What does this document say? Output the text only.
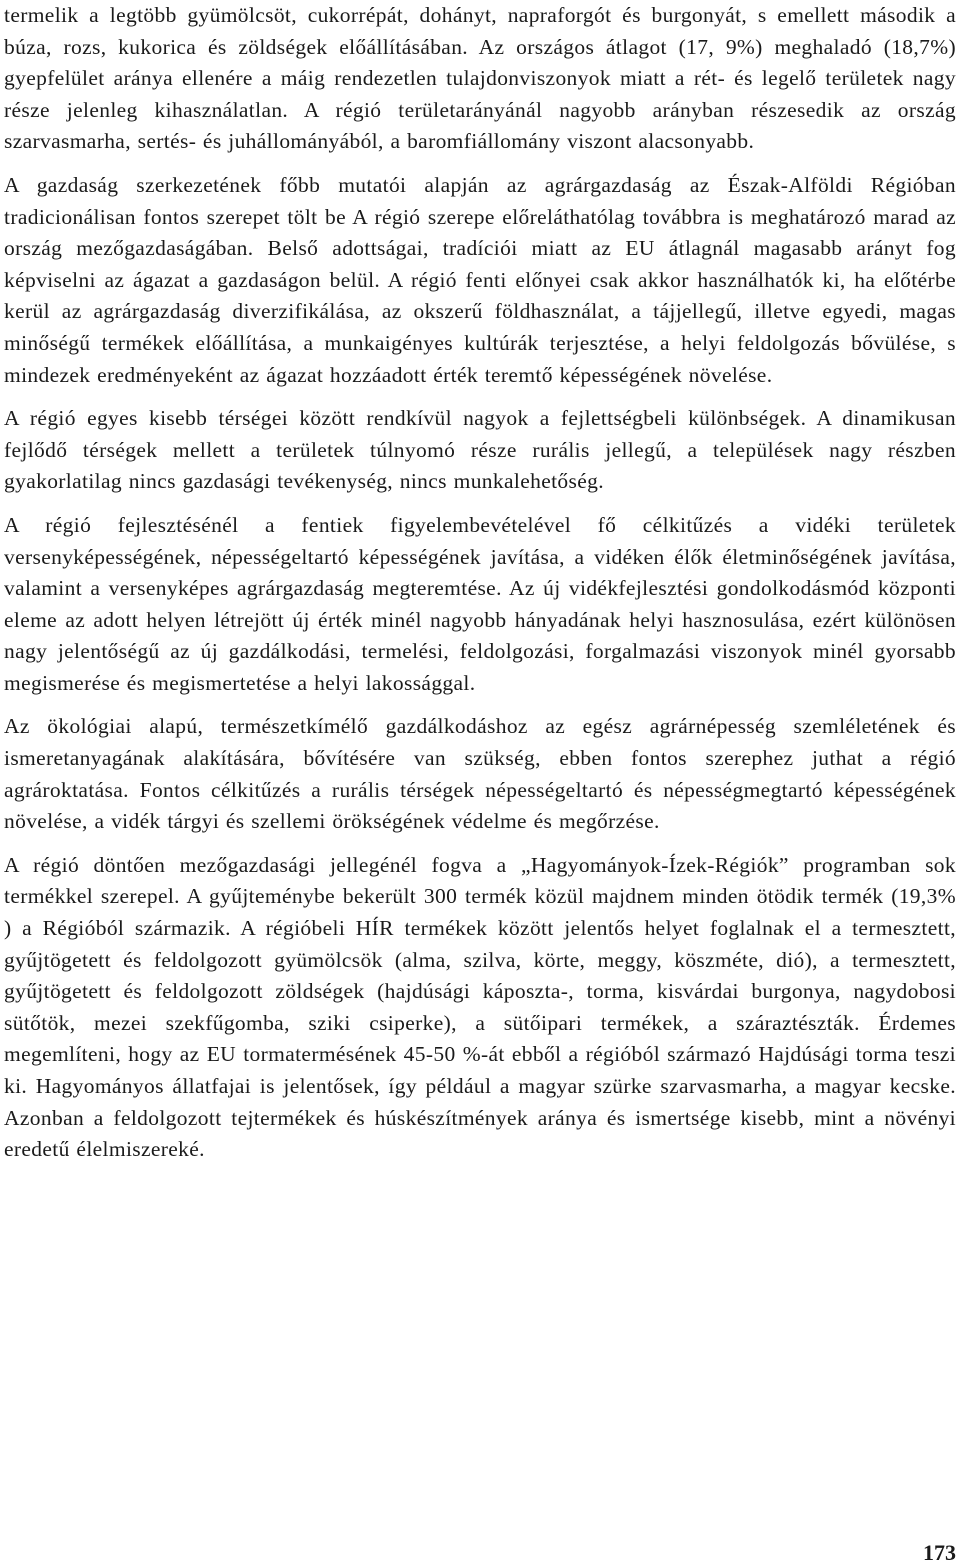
termelik a legtöbb gyümölcsöt, cukorrépát, dohányt, napraforgót és burgonyát, s emellett második a búza, rozs, kukorica és zöldségek előállításában. Az országos átlagot (17, 9%) meghaladó (18,7%) gyepfelület aránya ellenére a máig rendezetlen tulajdonviszonyok miatt a rét- és legelő területek nagy része jelenleg kihasználatlan. A régió területarányánál nagyobb arányban részesedik az ország szarvasmarha, sertés- és juhállományából, a baromfiállomány viszont alacsonyabb.

A gazdaság szerkezetének főbb mutatói alapján az agrárgazdaság az Észak-Alföldi Régióban tradicionálisan fontos szerepet tölt be A régió szerepe előreláthatólag továbbra is meghatározó marad az ország mezőgazdaságában. Belső adottságai, tradíciói miatt az EU átlagnál magasabb arányt fog képviselni az ágazat a gazdaságon belül. A régió fenti előnyei csak akkor használhatók ki, ha előtérbe kerül az agrárgazdaság diverzifikálása, az okszerű földhasználat, a tájjellegű, illetve egyedi, magas minőségű termékek előállítása, a munkaigényes kultúrák terjesztése, a helyi feldolgozás bővülése, s mindezek eredményeként az ágazat hozzáadott érték teremtő képességének növelése.

A régió egyes kisebb térségei között rendkívül nagyok a fejlettségbeli különbségek. A dinamikusan fejlődő térségek mellett a területek túlnyomó része rurális jellegű, a települések nagy részben gyakorlatilag nincs gazdasági tevékenység, nincs munkalehetőség.

A régió fejlesztésénél a fentiek figyelembevételével fő célkitűzés a vidéki területek versenyképességének, népességeltartó képességének javítása, a vidéken élők életminőségének javítása, valamint a versenyképes agrárgazdaság megteremtése. Az új vidékfejlesztési gondolkodásmód központi eleme az adott helyen létrejött új érték minél nagyobb hányadának helyi hasznosulása, ezért különösen nagy jelentőségű az új gazdálkodási, termelési, feldolgozási, forgalmazási viszonyok minél gyorsabb megismerése és megismertetése a helyi lakossággal.

Az ökológiai alapú, természetkímélő gazdálkodáshoz az egész agrárnépesség szemléletének és ismeretanyagának alakítására, bővítésére van szükség, ebben fontos szerephez juthat a régió agrároktatása. Fontos célkitűzés a rurális térségek népességeltartó és népességmegtartó képességének növelése, a vidék tárgyi és szellemi örökségének védelme és megőrzése.

A régió döntően mezőgazdasági jellegénél fogva a „Hagyományok-Ízek-Régiók” programban sok termékkel szerepel. A gyűjteménybe bekerült 300 termék közül majdnem minden ötödik termék (19,3% ) a Régióból származik. A régióbeli HÍR termékek között jelentős helyet foglalnak el a termesztett, gyűjtögetett és feldolgozott gyümölcsök (alma, szilva, körte, meggy, köszméte, dió), a termesztett, gyűjtögetett és feldolgozott zöldségek (hajdúsági káposzta-, torma, kisvárdai burgonya, nagydobosi sütőtök, mezei szekfűgomba, sziki csiperke), a sütőipari termékek, a száraztészták. Érdemes megemlíteni, hogy az EU tormatermésének 45-50 %-át ebből a régióból származó Hajdúsági torma teszi ki. Hagyományos állatfajai is jelentősek, így például a magyar szürke szarvasmarha, a magyar kecske. Azonban a feldolgozott tejtermékek és húskészítmények aránya és ismertsége kisebb, mint a növényi eredetű élelmiszereké.

173
